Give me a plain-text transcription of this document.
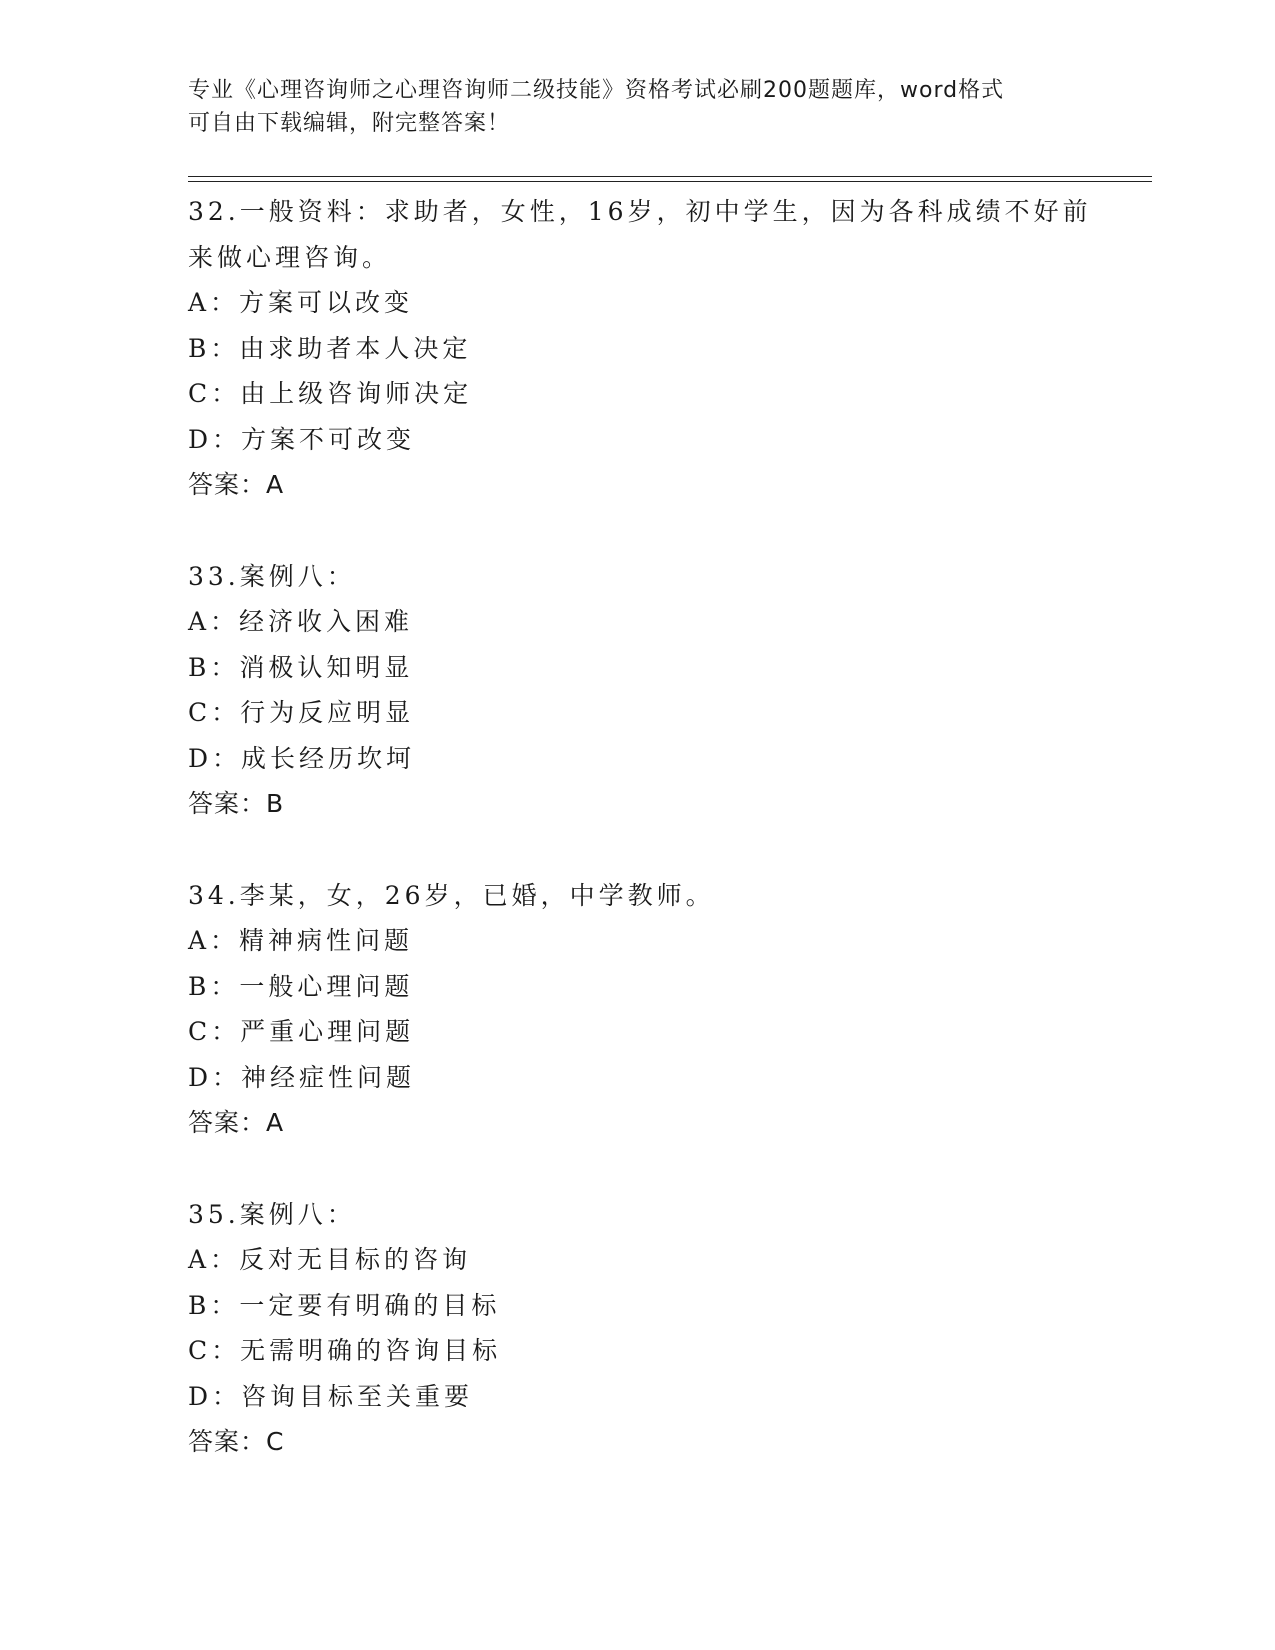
专业《心理咨询师之心理咨询师二级技能》资格考试必刷200题题库，word格式
可自由下载编辑，附完整答案！
32.一般资料：求助者，女性，16岁，初中学生，因为各科成绩不好前
来做心理咨询。
A：方案可以改变
B：由求助者本人决定
C：由上级咨询师决定
D：方案不可改变
答案：A
33.案例八：
A：经济收入困难
B：消极认知明显
C：行为反应明显
D：成长经历坎坷
答案：B
34.李某，女，26岁，已婚，中学教师。
A：精神病性问题
B：一般心理问题
C：严重心理问题
D：神经症性问题
答案：A
35.案例八：
A：反对无目标的咨询
B：一定要有明确的目标
C：无需明确的咨询目标
D：咨询目标至关重要
答案：C
